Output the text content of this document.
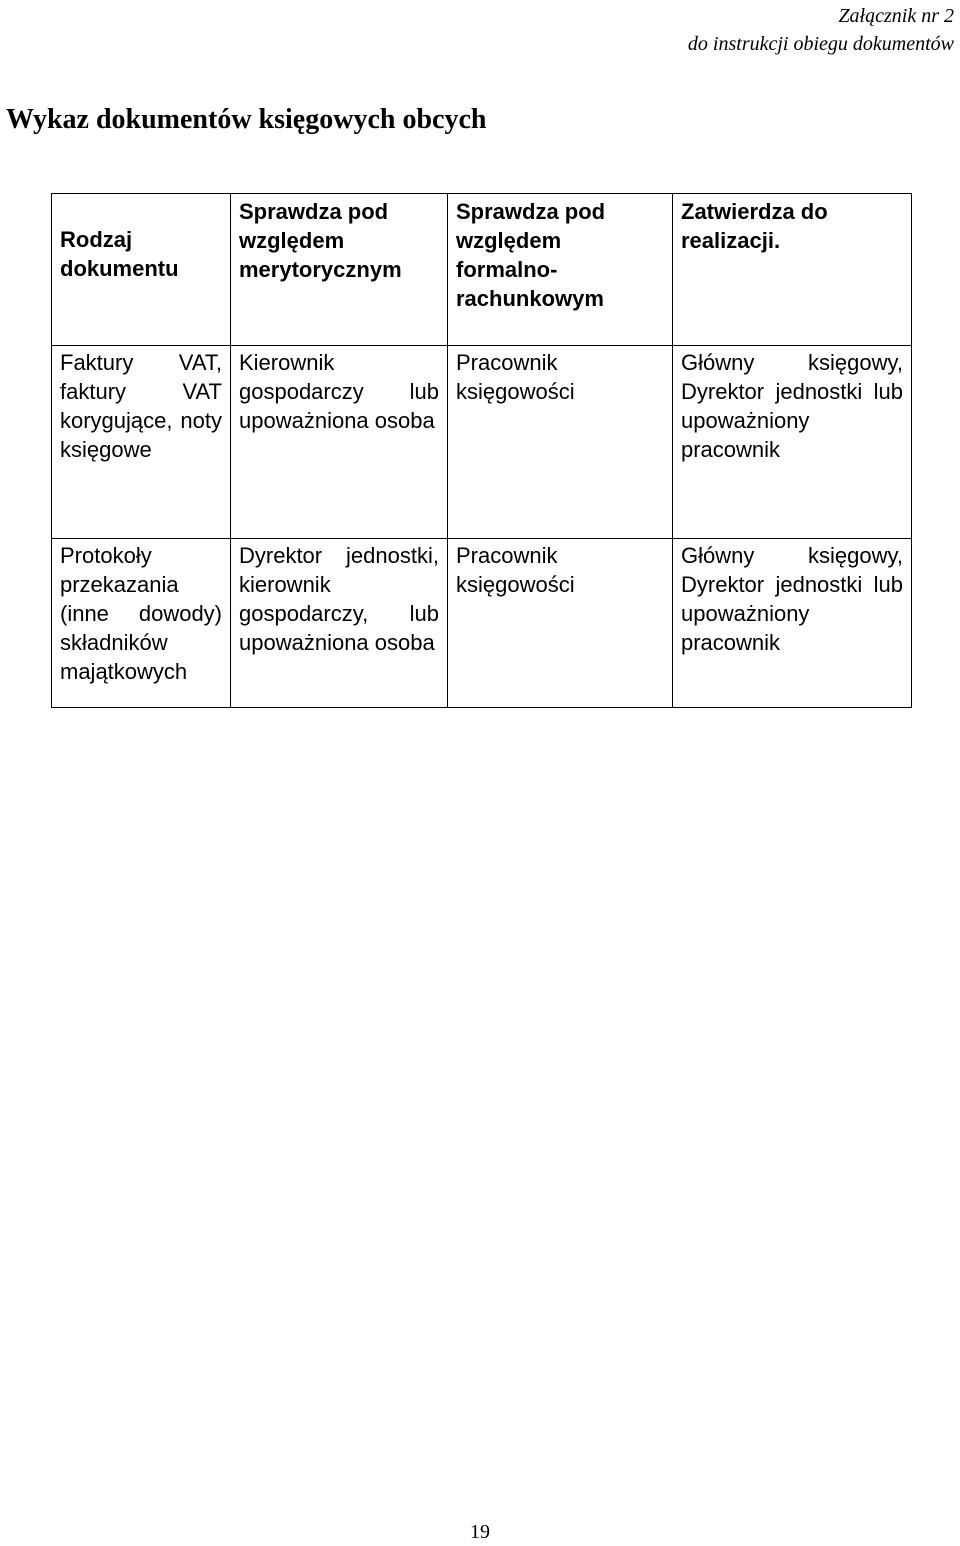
Załącznik nr 2
do instrukcji obiegu dokumentów
Wykaz dokumentów księgowych obcych
Rodzaj dokumentu	Sprawdza pod względem merytorycznym	Sprawdza pod względem formalno-rachunkowym	Zatwierdza do realizacji.
Faktury VAT, faktury VAT korygujące, noty księgowe	Kierownik gospodarczy lub upoważniona osoba	Pracownik księgowości	Główny księgowy, Dyrektor jednostki lub upoważniony pracownik
Protokoły przekazania (inne dowody) składników majątkowych	Dyrektor jednostki, kierownik gospodarczy, lub upoważniona osoba	Pracownik księgowości	Główny księgowy, Dyrektor jednostki lub upoważniony pracownik
19
